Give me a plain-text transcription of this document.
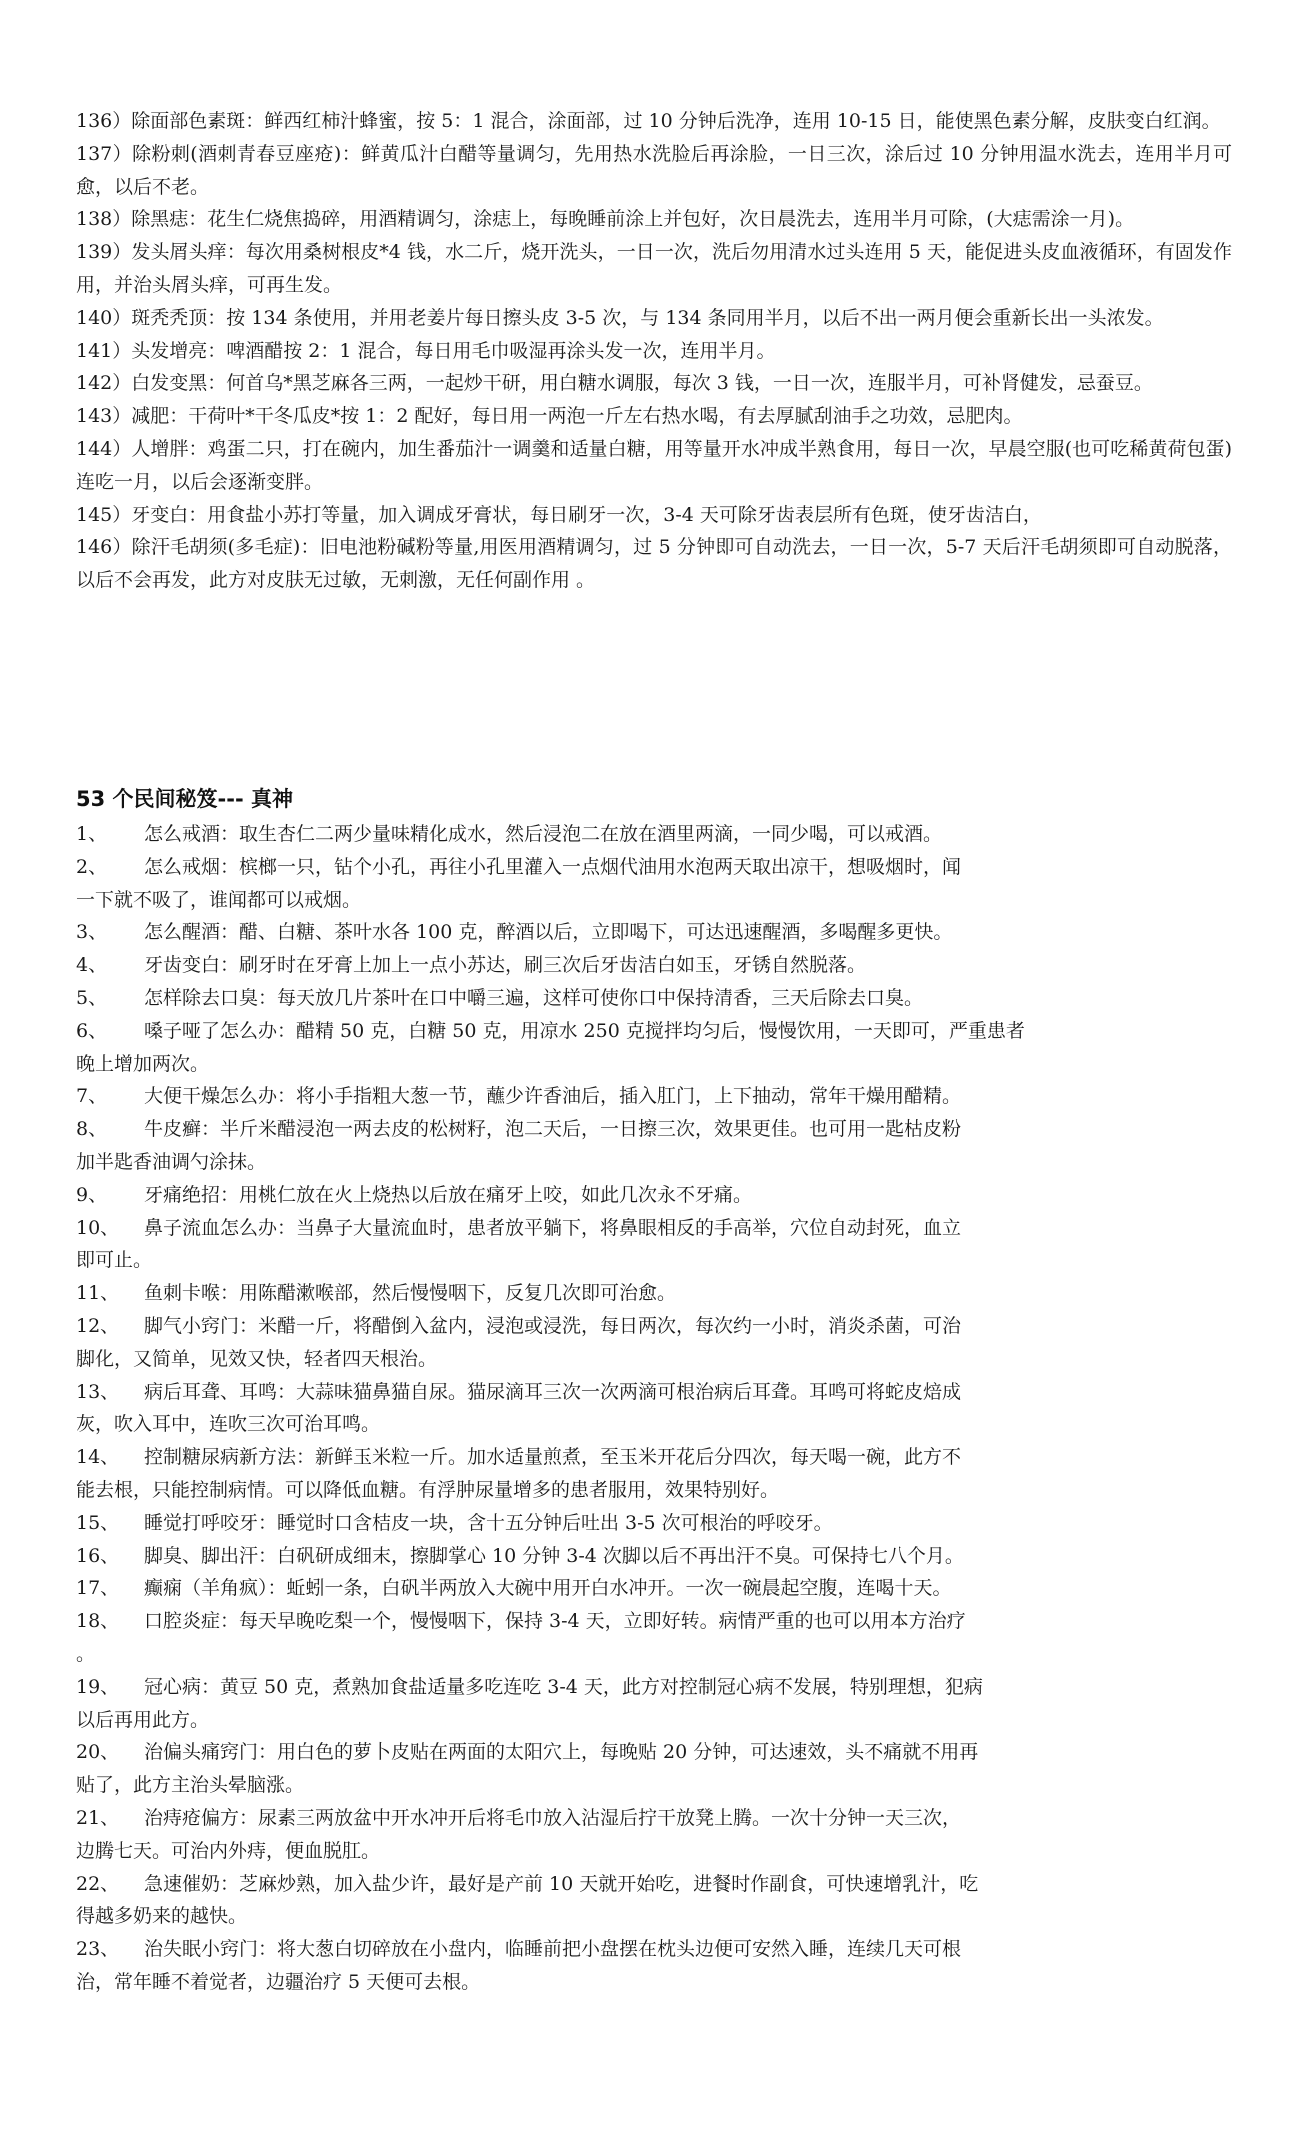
136）除面部色素斑：鲜西红柿汁蜂蜜，按 5：1 混合，涂面部，过 10 分钟后洗净，连用 10-15 日，能使黑色素分解，皮肤变白红润。

137）除粉刺(酒刺青春豆座疮)：鲜黄瓜汁白醋等量调匀，先用热水洗脸后再涂脸，一日三次，涂后过 10 分钟用温水洗去，连用半月可愈，以后不老。

138）除黑痣：花生仁烧焦捣碎，用酒精调匀，涂痣上，每晚睡前涂上并包好，次日晨洗去，连用半月可除，(大痣需涂一月)。

139）发头屑头痒：每次用桑树根皮*4 钱，水二斤，烧开洗头，一日一次，洗后勿用清水过头连用 5 天，能促进头皮血液循环，有固发作用，并治头屑头痒，可再生发。

140）斑秃秃顶：按 134 条使用，并用老姜片每日擦头皮 3-5 次，与 134 条同用半月，以后不出一两月便会重新长出一头浓发。

141）头发增亮：啤酒醋按 2：1 混合，每日用毛巾吸湿再涂头发一次，连用半月。

142）白发变黑：何首乌*黑芝麻各三两，一起炒干研，用白糖水调服，每次 3 钱，一日一次，连服半月，可补肾健发，忌蚕豆。

143）减肥：干荷叶*干冬瓜皮*按 1：2 配好，每日用一两泡一斤左右热水喝，有去厚腻刮油手之功效，忌肥肉。

144）人增胖：鸡蛋二只，打在碗内，加生番茄汁一调羹和适量白糖，用等量开水冲成半熟食用，每日一次，早晨空服(也可吃稀黄荷包蛋)连吃一月，以后会逐渐变胖。

145）牙变白：用食盐小苏打等量，加入调成牙膏状，每日刷牙一次，3-4 天可除牙齿表层所有色斑，使牙齿洁白，

146）除汗毛胡须(多毛症)：旧电池粉碱粉等量,用医用酒精调匀，过 5 分钟即可自动洗去，一日一次，5-7 天后汗毛胡须即可自动脱落，以后不会再发，此方对皮肤无过敏，无刺激，无任何副作用 。

53 个民间秘笈--- 真神
1、 怎么戒酒：取生杏仁二两少量味精化成水，然后浸泡二在放在酒里两滴，一同少喝，可以戒酒。
2、 怎么戒烟：槟榔一只，钻个小孔，再往小孔里灌入一点烟代油用水泡两天取出凉干，想吸烟时，闻
一下就不吸了，谁闻都可以戒烟。
3、 怎么醒酒：醋、白糖、茶叶水各 100 克，醉酒以后，立即喝下，可达迅速醒酒，多喝醒多更快。
4、 牙齿变白：刷牙时在牙膏上加上一点小苏达，刷三次后牙齿洁白如玉，牙锈自然脱落。
5、 怎样除去口臭：每天放几片茶叶在口中嚼三遍，这样可使你口中保持清香，三天后除去口臭。
6、 嗓子哑了怎么办：醋精 50 克，白糖 50 克，用凉水 250 克搅拌均匀后，慢慢饮用，一天即可，严重患者
晚上增加两次。
7、 大便干燥怎么办：将小手指粗大葱一节，蘸少许香油后，插入肛门，上下抽动，常年干燥用醋精。
8、 牛皮癣：半斤米醋浸泡一两去皮的松树籽，泡二天后，一日擦三次，效果更佳。也可用一匙枯皮粉
加半匙香油调勺涂抹。
9、 牙痛绝招：用桃仁放在火上烧热以后放在痛牙上咬，如此几次永不牙痛。
10、 鼻子流血怎么办：当鼻子大量流血时，患者放平躺下，将鼻眼相反的手高举，穴位自动封死，血立
即可止。
11、 鱼刺卡喉：用陈醋漱喉部，然后慢慢咽下，反复几次即可治愈。
12、 脚气小窍门：米醋一斤，将醋倒入盆内，浸泡或浸洗，每日两次，每次约一小时，消炎杀菌，可治
脚化，又简单，见效又快，轻者四天根治。
13、 病后耳聋、耳鸣：大蒜味猫鼻猫自尿。猫尿滴耳三次一次两滴可根治病后耳聋。耳鸣可将蛇皮焙成
灰，吹入耳中，连吹三次可治耳鸣。
14、 控制糖尿病新方法：新鲜玉米粒一斤。加水适量煎煮，至玉米开花后分四次，每天喝一碗，此方不
能去根，只能控制病情。可以降低血糖。有浮肿尿量增多的患者服用，效果特别好。
15、 睡觉打呼咬牙：睡觉时口含桔皮一块，含十五分钟后吐出 3-5 次可根治的呼咬牙。
16、 脚臭、脚出汗：白矾研成细末，擦脚掌心 10 分钟 3-4 次脚以后不再出汗不臭。可保持七八个月。
17、 癫痫（羊角疯）：蚯蚓一条，白矾半两放入大碗中用开白水冲开。一次一碗晨起空腹，连喝十天。
18、 口腔炎症：每天早晚吃梨一个，慢慢咽下，保持 3-4 天，立即好转。病情严重的也可以用本方治疗
。
19、 冠心病：黄豆 50 克，煮熟加食盐适量多吃连吃 3-4 天，此方对控制冠心病不发展，特别理想，犯病
以后再用此方。
20、 治偏头痛窍门：用白色的萝卜皮贴在两面的太阳穴上，每晚贴 20 分钟，可达速效，头不痛就不用再
贴了，此方主治头晕脑涨。
21、 治痔疮偏方：尿素三两放盆中开水冲开后将毛巾放入沾湿后拧干放凳上腾。一次十分钟一天三次，
边腾七天。可治内外痔，便血脱肛。
22、 急速催奶：芝麻炒熟，加入盐少许，最好是产前 10 天就开始吃，进餐时作副食，可快速增乳汁，吃
得越多奶来的越快。
23、 治失眠小窍门：将大葱白切碎放在小盘内，临睡前把小盘摆在枕头边便可安然入睡，连续几天可根
治，常年睡不着觉者，边疆治疗 5 天便可去根。
